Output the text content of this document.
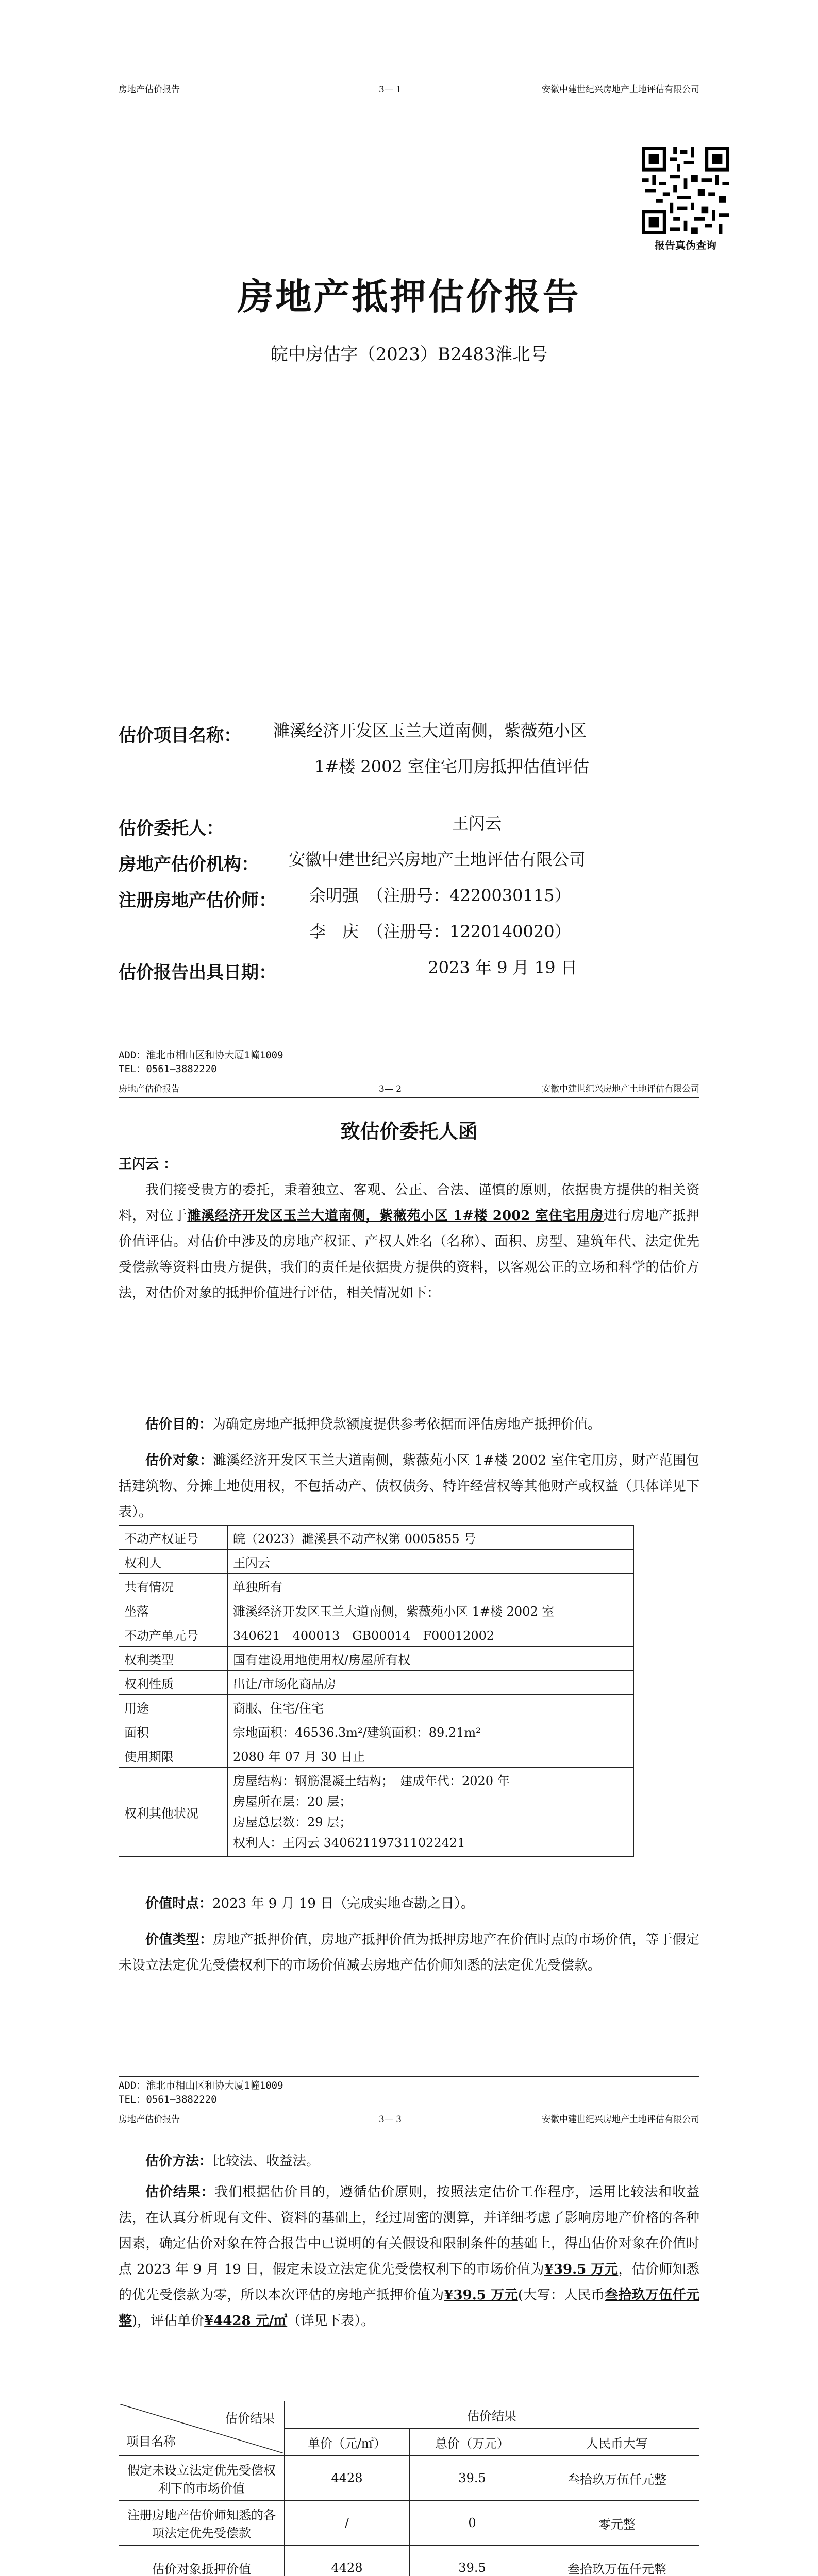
房地产估价报告	3— 1	安徽中建世纪兴房地产土地评估有限公司
报告真伪查询
房地产抵押估价报告
皖中房估字（2023）B2483淮北号
估价项目名称： 濉溪经济开发区玉兰大道南侧，紫薇苑小区
1#楼 2002 室住宅用房抵押估值评估
估价委托人：	王闪云
房地产估价机构： 安徽中建世纪兴房地产土地评估有限公司
注册房地产估价师： 余明强　（注册号：4220030115）
李　庆　（注册号：1220140020）
估价报告出具日期：	2023 年 9 月 19 日
ADD：淮北市相山区和协大厦1幢1009
TEL：0561—3882220
房地产估价报告	3— 2	安徽中建世纪兴房地产土地评估有限公司
致估价委托人函
王闪云 ：
我们接受贵方的委托，秉着独立、客观、公正、合法、谨慎的原则，依据贵方提供的相关资料，对位于濉溪经济开发区玉兰大道南侧，紫薇苑小区 1#楼 2002 室住宅用房进行房地产抵押价值评估。对估价中涉及的房地产权证、产权人姓名（名称）、面积、房型、建筑年代、法定优先受偿款等资料由贵方提供，我们的责任是依据贵方提供的资料，以客观公正的立场和科学的估价方法，对估价对象的抵押价值进行评估，相关情况如下：
估价目的：为确定房地产抵押贷款额度提供参考依据而评估房地产抵押价值。
估价对象：濉溪经济开发区玉兰大道南侧，紫薇苑小区 1#楼 2002 室住宅用房，财产范围包括建筑物、分摊土地使用权，不包括动产、债权债务、特许经营权等其他财产或权益（具体详见下表）。
不动产权证号	皖（2023）濉溪县不动产权第 0005855 号
权利人	王闪云
共有情况	单独所有
坐落	濉溪经济开发区玉兰大道南侧，紫薇苑小区 1#楼 2002 室
不动产单元号	340621　400013　GB00014　F00012002
权利类型	国有建设用地使用权/房屋所有权
权利性质	出让/市场化商品房
用途	商服、住宅/住宅
面积	宗地面积：46536.3m²/建筑面积：89.21m²
使用期限	2080 年 07 月 30 日止
权利其他状况	房屋结构：钢筋混凝土结构；　建成年代：2020 年
房屋所在层：20 层；
房屋总层数：29 层；
权利人：王闪云 340621197311022421
价值时点：2023 年 9 月 19 日（完成实地查勘之日）。
价值类型：房地产抵押价值，房地产抵押价值为抵押房地产在价值时点的市场价值，等于假定未设立法定优先受偿权利下的市场价值减去房地产估价师知悉的法定优先受偿款。
ADD：淮北市相山区和协大厦1幢1009
TEL：0561—3882220
房地产估价报告	3— 3	安徽中建世纪兴房地产土地评估有限公司
估价方法：比较法、收益法。
估价结果：我们根据估价目的，遵循估价原则，按照法定估价工作程序，运用比较法和收益法，在认真分析现有文件、资料的基础上，经过周密的测算，并详细考虑了影响房地产价格的各种因素，确定估价对象在符合报告中已说明的有关假设和限制条件的基础上，得出估价对象在价值时点 2023 年 9 月 19 日，假定未设立法定优先受偿权利下的市场价值为¥39.5 万元，估价师知悉的优先受偿款为零，所以本次评估的房地产抵押价值为¥39.5 万元(大写：人民币叁拾玖万伍仟元整)，评估单价¥4428 元/㎡（详见下表）。
估价结果
项目名称	估价结果		
	单价（元/㎡）	总价（万元）	人民币大写
假定未设立法定优先受偿权利下的市场价值	4428	39.5	叁拾玖万伍仟元整
注册房地产估价师知悉的各项法定优先受偿款	/	0	零元整
估价对象抵押价值	4428	39.5	叁拾玖万伍仟元整
